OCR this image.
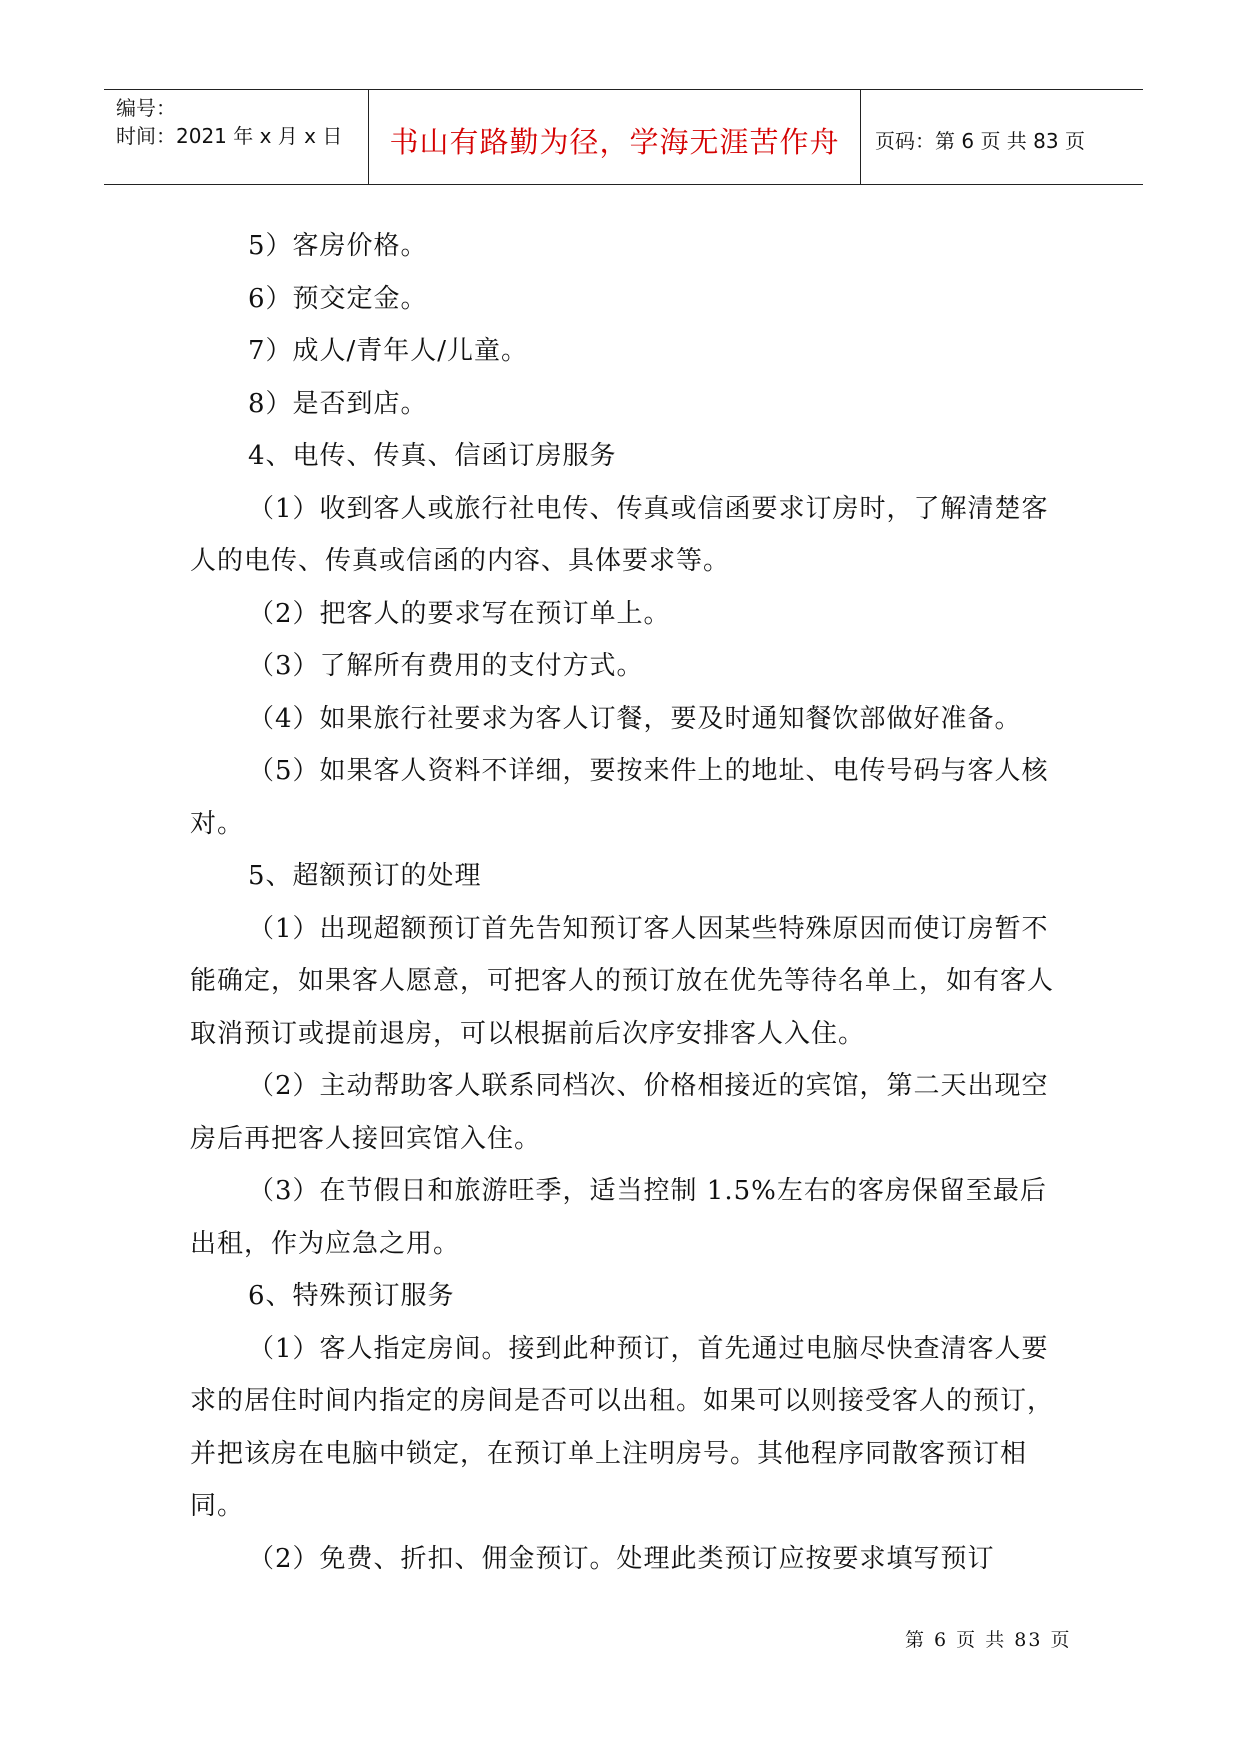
编号：
时间：2021 年 x 月 x 日	书山有路勤为径，学海无涯苦作舟	页码：第 6 页 共 83 页

5）客房价格。

6）预交定金。

7）成人/青年人/儿童。

8）是否到店。

4、电传、传真、信函订房服务

（1）收到客人或旅行社电传、传真或信函要求订房时，了解清楚客人的电传、传真或信函的内容、具体要求等。

（2）把客人的要求写在预订单上。

（3）了解所有费用的支付方式。

（4）如果旅行社要求为客人订餐，要及时通知餐饮部做好准备。

（5）如果客人资料不详细，要按来件上的地址、电传号码与客人核对。

5、超额预订的处理

（1）出现超额预订首先告知预订客人因某些特殊原因而使订房暂不能确定，如果客人愿意，可把客人的预订放在优先等待名单上，如有客人取消预订或提前退房，可以根据前后次序安排客人入住。

（2）主动帮助客人联系同档次、价格相接近的宾馆，第二天出现空房后再把客人接回宾馆入住。

（3）在节假日和旅游旺季，适当控制 1.5%左右的客房保留至最后出租，作为应急之用。

6、特殊预订服务

（1）客人指定房间。接到此种预订，首先通过电脑尽快查清客人要求的居住时间内指定的房间是否可以出租。如果可以则接受客人的预订，并把该房在电脑中锁定，在预订单上注明房号。其他程序同散客预订相同。

（2）免费、折扣、佣金预订。处理此类预订应按要求填写预订

第 6 页 共 83 页
